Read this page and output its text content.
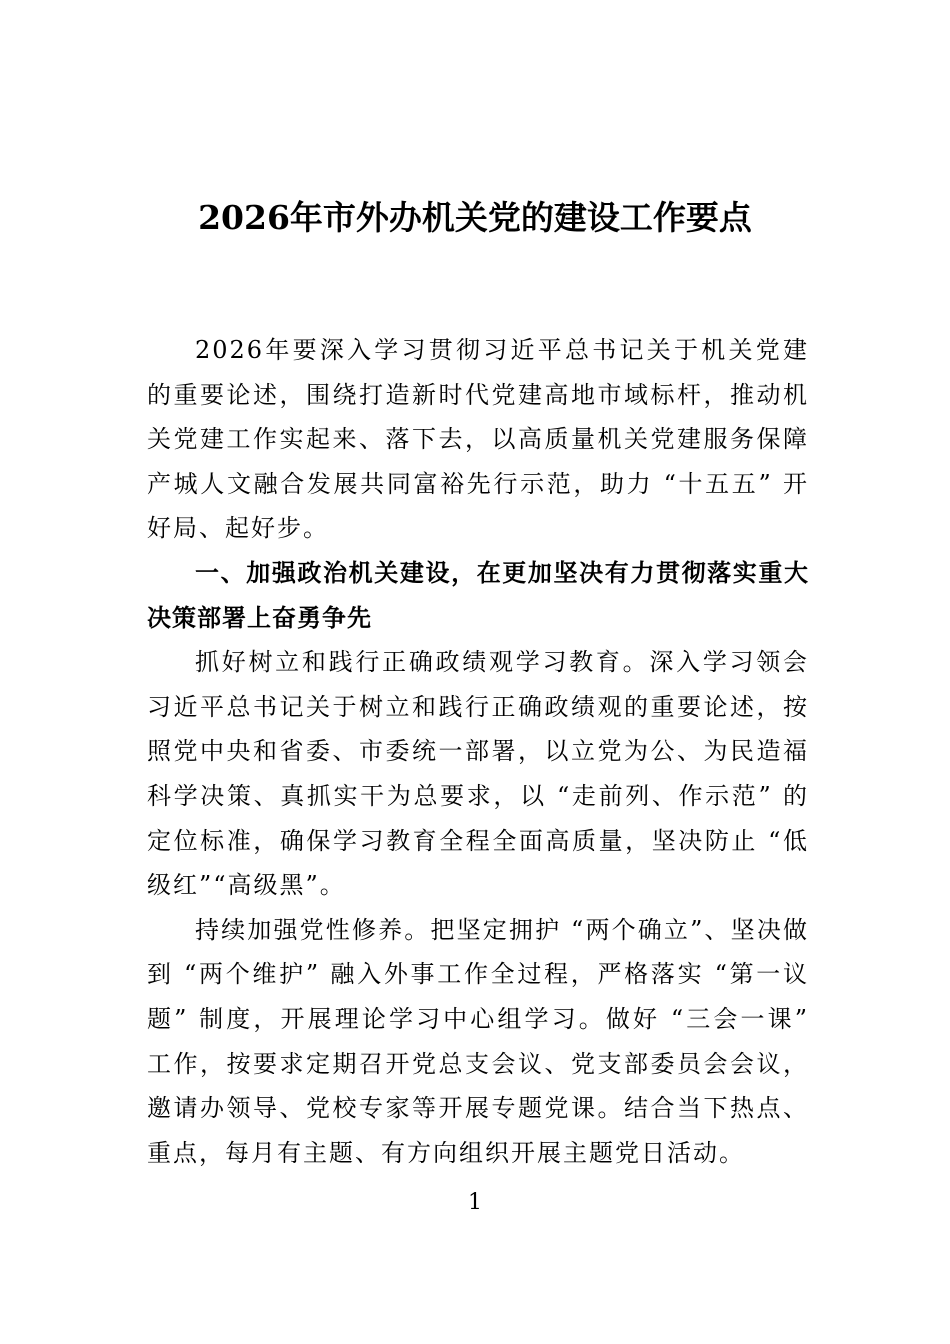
2026年市外办机关党的建设工作要点

2026年要深入学习贯彻习近平总书记关于机关党建的重要论述，围绕打造新时代党建高地市域标杆，推动机关党建工作实起来、落下去，以高质量机关党建服务保障产城人文融合发展共同富裕先行示范，助力 “十五五” 开好局、起好步。

一、加强政治机关建设，在更加坚决有力贯彻落实重大决策部署上奋勇争先

抓好树立和践行正确政绩观学习教育。深入学习领会习近平总书记关于树立和践行正确政绩观的重要论述，按照党中央和省委、市委统一部署，以立党为公、为民造福科学决策、真抓实干为总要求，以 “走前列、作示范” 的定位标准，确保学习教育全程全面高质量，坚决防止 “低级红”“高级黑”。

持续加强党性修养。把坚定拥护 “两个确立”、坚决做到 “两个维护” 融入外事工作全过程，严格落实 “第一议题” 制度，开展理论学习中心组学习。做好 “三会一课” 工作，按要求定期召开党总支会议、党支部委员会会议，邀请办领导、党校专家等开展专题党课。结合当下热点、重点，每月有主题、有方向组织开展主题党日活动。

1
